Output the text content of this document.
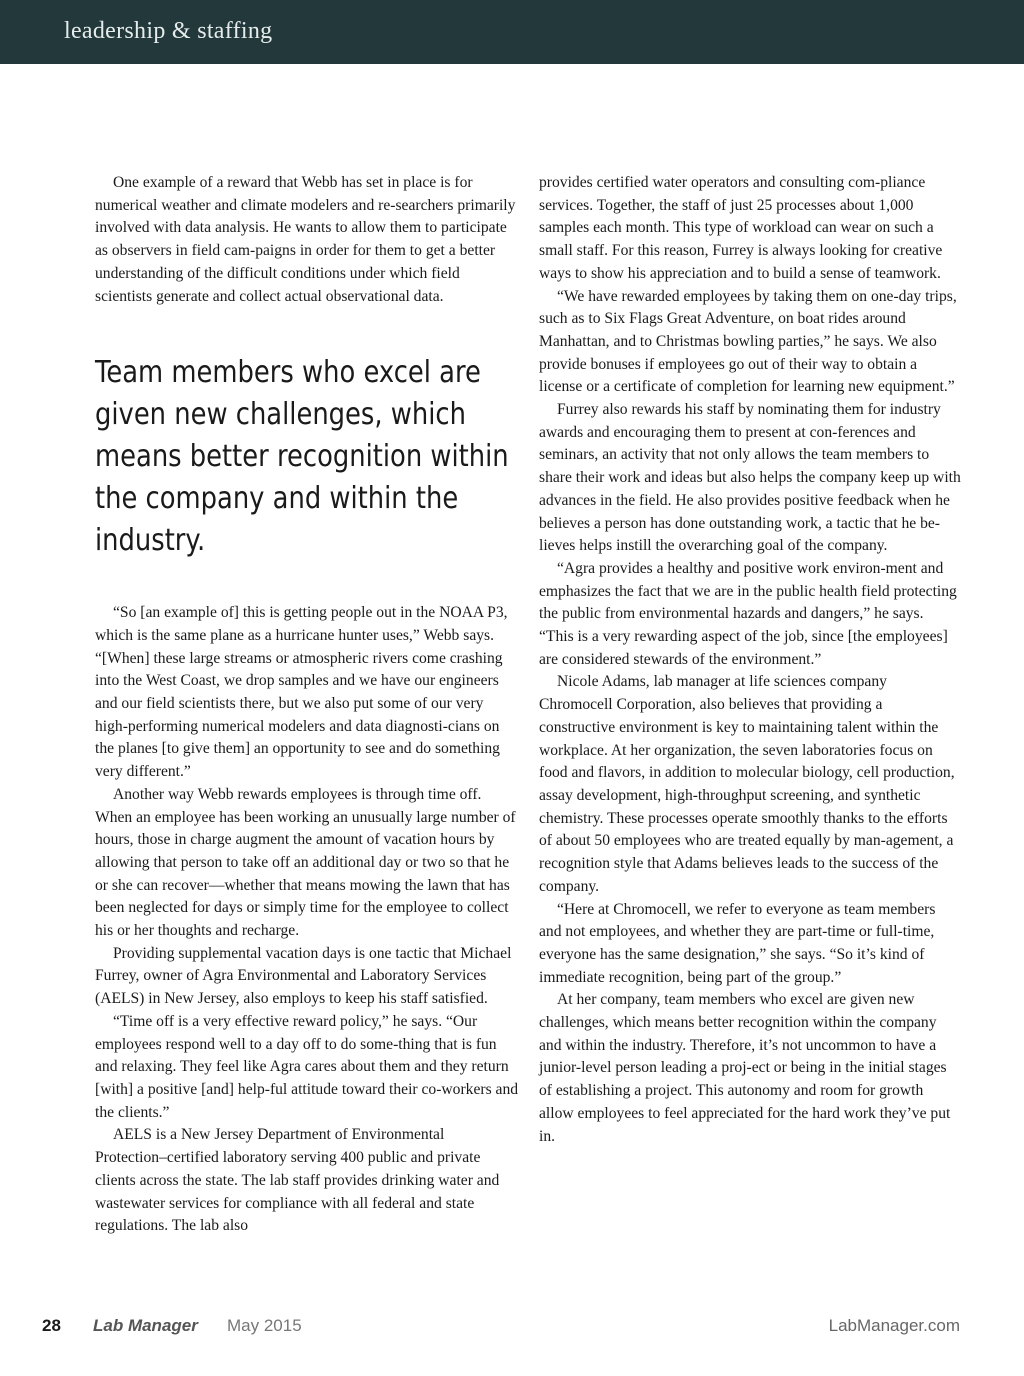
leadership & staffing

One example of a reward that Webb has set in place is for numerical weather and climate modelers and re-searchers primarily involved with data analysis. He wants to allow them to participate as observers in field cam-paigns in order for them to get a better understanding of the difficult conditions under which field scientists generate and collect actual observational data.

Team members who excel are given new challenges, which means better recognition within the company and within the industry.

“So [an example of] this is getting people out in the NOAA P3, which is the same plane as a hurricane hunter uses,” Webb says. “[When] these large streams or atmospheric rivers come crashing into the West Coast, we drop samples and we have our engineers and our field scientists there, but we also put some of our very high-performing numerical modelers and data diagnosti-cians on the planes [to give them] an opportunity to see and do something very different.”

Another way Webb rewards employees is through time off. When an employee has been working an unusually large number of hours, those in charge augment the amount of vacation hours by allowing that person to take off an additional day or two so that he or she can recover—whether that means mowing the lawn that has been neglected for days or simply time for the employee to collect his or her thoughts and recharge.

Providing supplemental vacation days is one tactic that Michael Furrey, owner of Agra Environmental and Laboratory Services (AELS) in New Jersey, also employs to keep his staff satisfied.

“Time off is a very effective reward policy,” he says. “Our employees respond well to a day off to do some-thing that is fun and relaxing. They feel like Agra cares about them and they return [with] a positive [and] help-ful attitude toward their co-workers and the clients.”

AELS is a New Jersey Department of Environmental Protection–certified laboratory serving 400 public and private clients across the state. The lab staff provides drinking water and wastewater services for compliance with all federal and state regulations. The lab also

provides certified water operators and consulting com-pliance services. Together, the staff of just 25 processes about 1,000 samples each month. This type of workload can wear on such a small staff. For this reason, Furrey is always looking for creative ways to show his appreciation and to build a sense of teamwork.

“We have rewarded employees by taking them on one-day trips, such as to Six Flags Great Adventure, on boat rides around Manhattan, and to Christmas bowling parties,” he says. We also provide bonuses if employees go out of their way to obtain a license or a certificate of completion for learning new equipment.”

Furrey also rewards his staff by nominating them for industry awards and encouraging them to present at con-ferences and seminars, an activity that not only allows the team members to share their work and ideas but also helps the company keep up with advances in the field. He also provides positive feedback when he believes a person has done outstanding work, a tactic that he be-lieves helps instill the overarching goal of the company.

“Agra provides a healthy and positive work environ-ment and emphasizes the fact that we are in the public health field protecting the public from environmental hazards and dangers,” he says. “This is a very rewarding aspect of the job, since [the employees] are considered stewards of the environment.”

Nicole Adams, lab manager at life sciences company Chromocell Corporation, also believes that providing a constructive environment is key to maintaining talent within the workplace. At her organization, the seven laboratories focus on food and flavors, in addition to molecular biology, cell production, assay development, high-throughput screening, and synthetic chemistry. These processes operate smoothly thanks to the efforts of about 50 employees who are treated equally by man-agement, a recognition style that Adams believes leads to the success of the company.

“Here at Chromocell, we refer to everyone as team members and not employees, and whether they are part-time or full-time, everyone has the same designation,” she says. “So it’s kind of immediate recognition, being part of the group.”

At her company, team members who excel are given new challenges, which means better recognition within the company and within the industry. Therefore, it’s not uncommon to have a junior-level person leading a proj-ect or being in the initial stages of establishing a project. This autonomy and room for growth allow employees to feel appreciated for the hard work they’ve put in.

28 Lab Manager May 2015	LabManager.com
